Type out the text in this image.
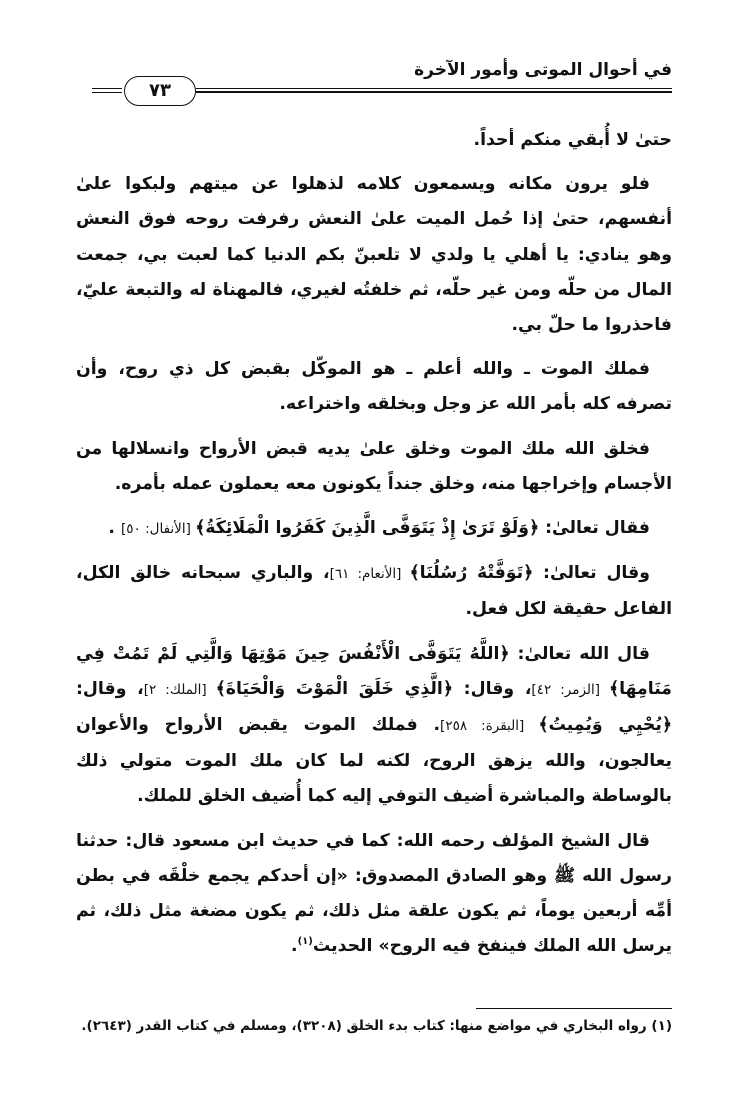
في أحوال الموتى وأمور الآخرة
٧٣

حتىٰ لا أُبقي منكم أحداً.

فلو يرون مكانه ويسمعون كلامه لذهلوا عن ميتهم ولبكوا علىٰ أنفسهم، حتىٰ إذا حُمل الميت علىٰ النعش رفرفت روحه فوق النعش وهو ينادي: يا أهلي يا ولدي لا تلعبنّ بكم الدنيا كما لعبت بي، جمعت المال من حلّه ومن غير حلّه، ثم خلفتُه لغيري، فالمهناة له والتبعة عليّ، فاحذروا ما حلّ بي.

فملك الموت ـ والله أعلم ـ هو الموكّل بقبض كل ذي روح، وأن تصرفه كله بأمر الله عز وجل وبخلقه واختراعه.

فخلق الله ملك الموت وخلق علىٰ يديه قبض الأرواح وانسلالها من الأجسام وإخراجها منه، وخلق جنداً يكونون معه يعملون عمله بأمره.

فقال تعالىٰ: ﴿وَلَوْ تَرَىٰ إِذْ يَتَوَفَّى الَّذِينَ كَفَرُوا الْمَلَائِكَةُ﴾ [الأنفال: ٥٠] .

وقال تعالىٰ: ﴿تَوَفَّتْهُ رُسُلُنَا﴾ [الأنعام: ٦١]، والباري سبحانه خالق الكل، الفاعل حقيقة لكل فعل.

قال الله تعالىٰ: ﴿اللَّهُ يَتَوَفَّى الْأَنْفُسَ حِينَ مَوْتِهَا وَالَّتِي لَمْ تَمُتْ فِي مَنَامِهَا﴾ [الزمر: ٤٢]، وقال: ﴿الَّذِي خَلَقَ الْمَوْتَ وَالْحَيَاةَ﴾ [الملك: ٢]، وقال: ﴿يُحْيِي وَيُمِيتُ﴾ [البقرة: ٢٥٨]. فملك الموت يقبض الأرواح والأعوان يعالجون، والله يزهق الروح، لكنه لما كان ملك الموت متولي ذلك بالوساطة والمباشرة أضيف التوفي إليه كما أُضيف الخلق للملك.

قال الشيخ المؤلف رحمه الله: كما في حديث ابن مسعود قال: حدثنا رسول الله ﷺ وهو الصادق المصدوق: «إن أحدكم يجمع خلْقَه في بطن أمِّه أربعين يوماً، ثم يكون علقة مثل ذلك، ثم يكون مضغة مثل ذلك، ثم يرسل الله الملك فينفخ فيه الروح» الحديث$^{(١)}$.

(١) رواه البخاري في مواضع منها: كتاب بدء الخلق (٣٢٠٨)، ومسلم في كتاب القدر (٢٦٤٣).
